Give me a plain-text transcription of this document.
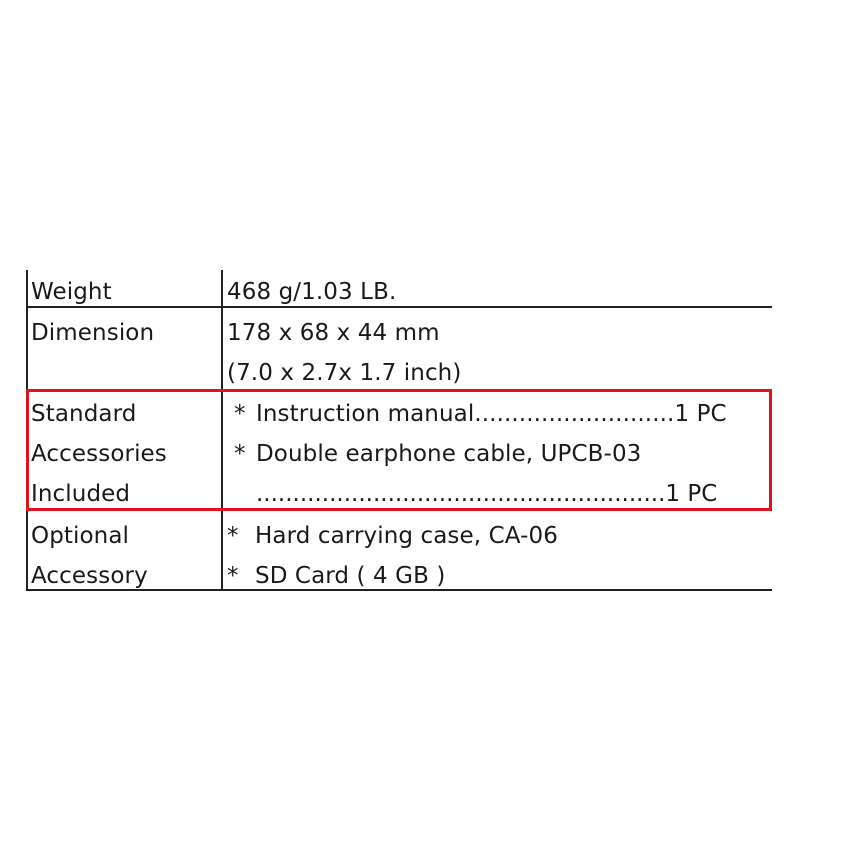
Weight	468 g/1.03 LB.
Dimension	178 x 68 x 44 mm
(7.0 x 2.7x 1.7 inch)
Standard
Accessories
Included
* Instruction manual...........................1 PC
* Double earphone cable, UPCB-03
........................................................1 PC
Optional
Accessory
* Hard carrying case, CA-06
* SD Card ( 4 GB )
